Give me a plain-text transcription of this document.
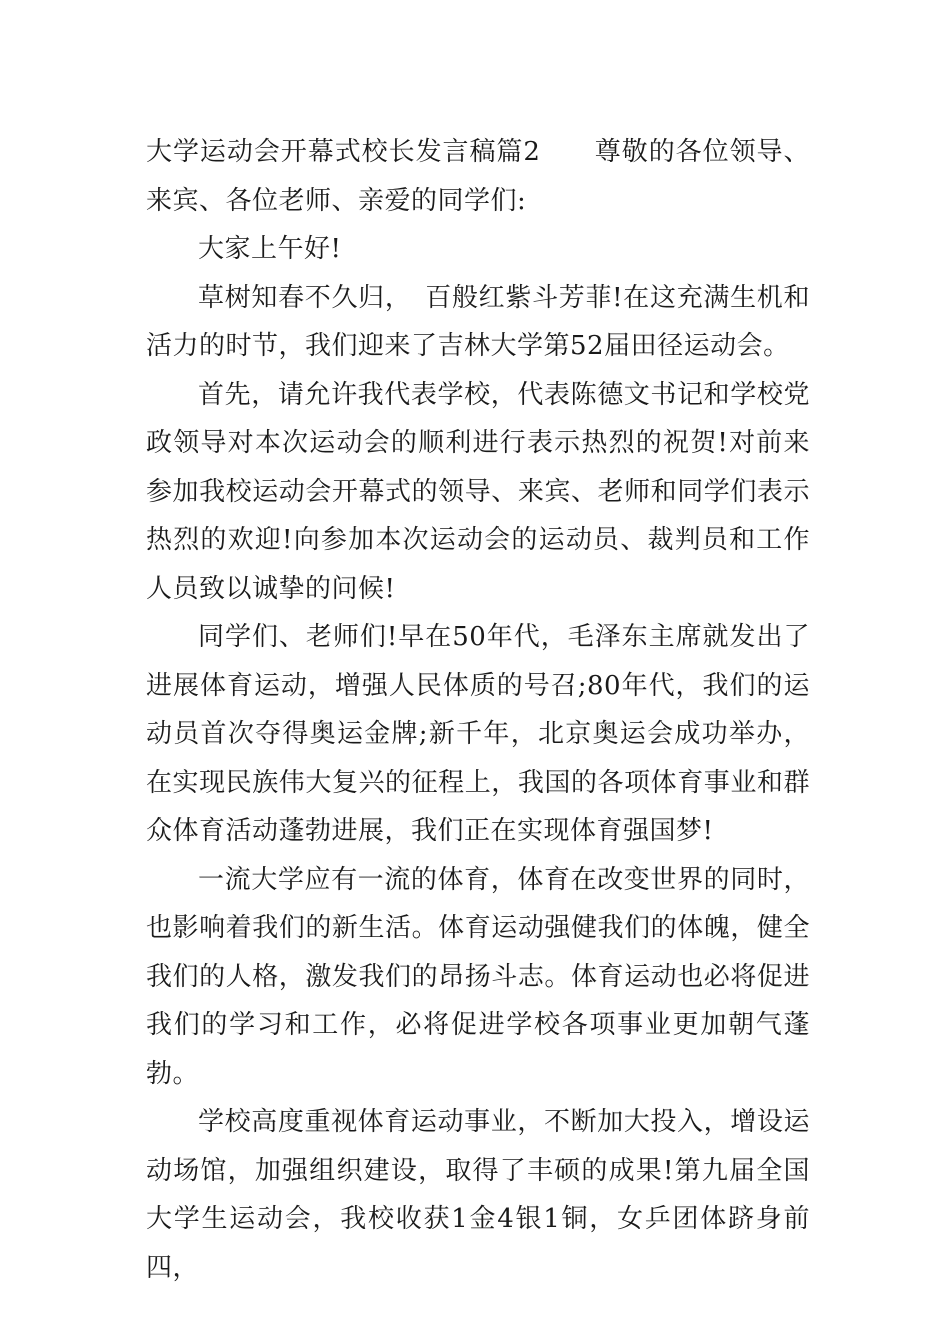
大学运动会开幕式校长发言稿篇2　　尊敬的各位领导、来宾、各位老师、亲爱的同学们:

大家上午好!

草树知春不久归，　百般红紫斗芳菲!在这充满生机和活力的时节，我们迎来了吉林大学第52届田径运动会。

首先，请允许我代表学校，代表陈德文书记和学校党政领导对本次运动会的顺利进行表示热烈的祝贺!对前来参加我校运动会开幕式的领导、来宾、老师和同学们表示热烈的欢迎!向参加本次运动会的运动员、裁判员和工作人员致以诚挚的问候!

同学们、老师们!早在50年代，毛泽东主席就发出了进展体育运动，增强人民体质的号召;80年代，我们的运动员首次夺得奥运金牌;新千年，北京奥运会成功举办，在实现民族伟大复兴的征程上，我国的各项体育事业和群众体育活动蓬勃进展，我们正在实现体育强国梦!

一流大学应有一流的体育，体育在改变世界的同时，也影响着我们的新生活。体育运动强健我们的体魄，健全我们的人格，激发我们的昂扬斗志。体育运动也必将促进我们的学习和工作，必将促进学校各项事业更加朝气蓬勃。

学校高度重视体育运动事业，不断加大投入，增设运动场馆，加强组织建设，取得了丰硕的成果!第九届全国大学生运动会，我校收获1金4银1铜，女乒团体跻身前四，
